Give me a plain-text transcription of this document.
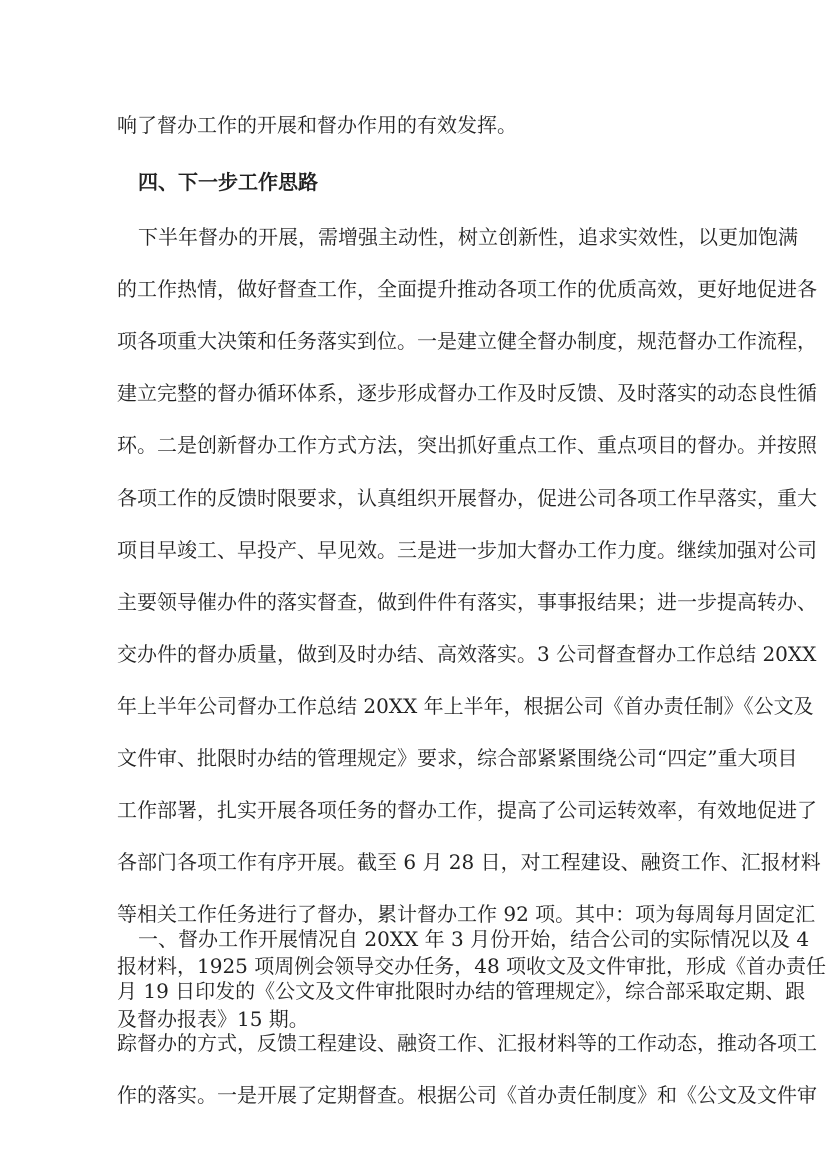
响了督办工作的开展和督办作用的有效发挥。
四、下一步工作思路
下半年督办的开展，需增强主动性，树立创新性，追求实效性，以更加饱满
的工作热情，做好督查工作，全面提升推动各项工作的优质高效，更好地促进各
项各项重大决策和任务落实到位。一是建立健全督办制度，规范督办工作流程，
建立完整的督办循环体系，逐步形成督办工作及时反馈、及时落实的动态良性循
环。二是创新督办工作方式方法，突出抓好重点工作、重点项目的督办。并按照
各项工作的反馈时限要求，认真组织开展督办，促进公司各项工作早落实，重大
项目早竣工、早投产、早见效。三是进一步加大督办工作力度。继续加强对公司
主要领导催办件的落实督查，做到件件有落实，事事报结果；进一步提高转办、
交办件的督办质量，做到及时办结、高效落实。3 公司督查督办工作总结 20XX
年上半年公司督办工作总结 20XX 年上半年，根据公司《首办责任制》《公文及
文件审、批限时办结的管理规定》要求，综合部紧紧围绕公司“四定”重大项目
工作部署，扎实开展各项任务的督办工作，提高了公司运转效率，有效地促进了
各部门各项工作有序开展。截至 6 月 28 日，对工程建设、融资工作、汇报材料
等相关工作任务进行了督办，累计督办工作 92 项。其中：项为每周每月固定汇
报材料，1925 项周例会领导交办任务，48 项收文及文件审批，形成《首办责任
及督办报表》15 期。
一、督办工作开展情况自 20XX 年 3 月份开始，结合公司的实际情况以及 4
月 19 日印发的《公文及文件审批限时办结的管理规定》，综合部采取定期、跟
踪督办的方式，反馈工程建设、融资工作、汇报材料等的工作动态，推动各项工
作的落实。一是开展了定期督查。根据公司《首办责任制度》和《公文及文件审
